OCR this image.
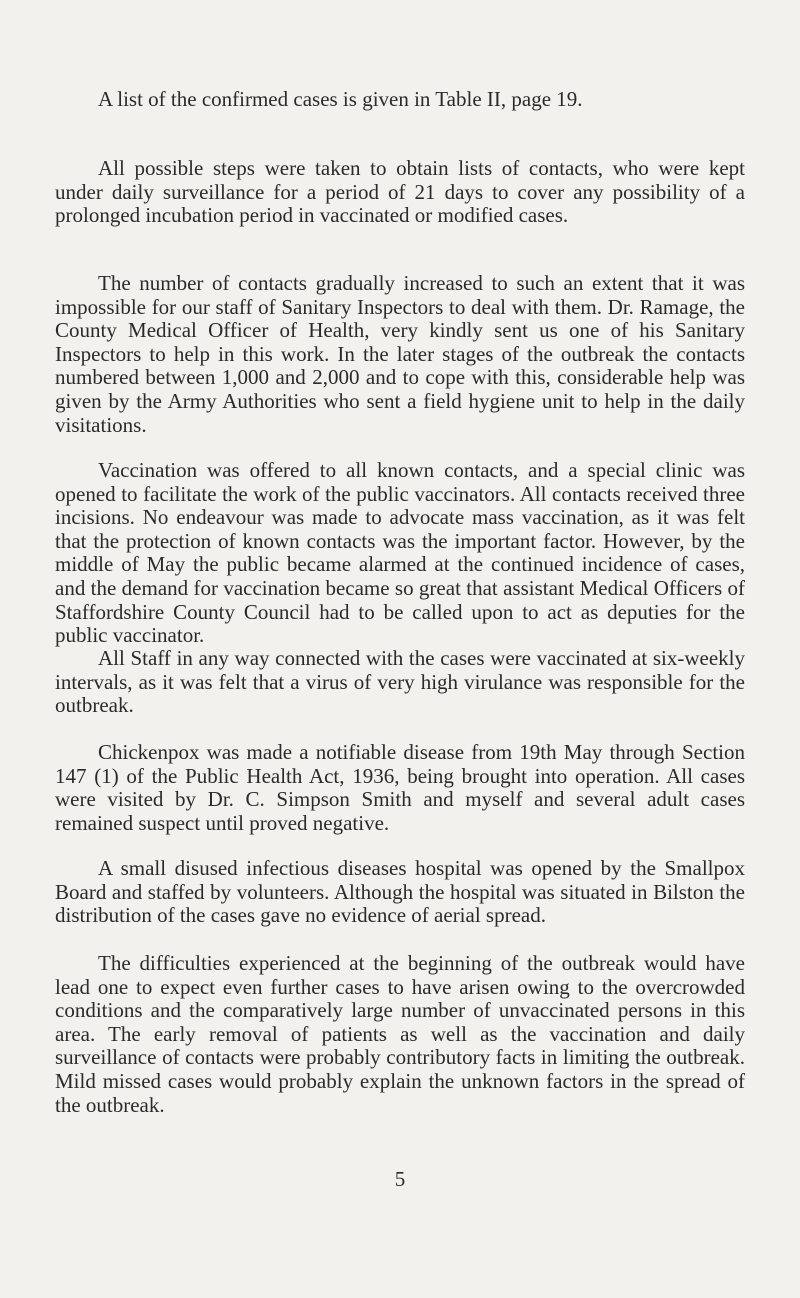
A list of the confirmed cases is given in Table II, page 19.

All possible steps were taken to obtain lists of contacts, who were kept under daily surveillance for a period of 21 days to cover any possibility of a prolonged incubation period in vaccinated or modified cases.

The number of contacts gradually increased to such an extent that it was impossible for our staff of Sanitary Inspectors to deal with them. Dr. Ramage, the County Medical Officer of Health, very kindly sent us one of his Sanitary Inspectors to help in this work. In the later stages of the outbreak the contacts numbered between 1,000 and 2,000 and to cope with this, considerable help was given by the Army Authorities who sent a field hygiene unit to help in the daily visitations.

Vaccination was offered to all known contacts, and a special clinic was opened to facilitate the work of the public vaccinators. All contacts received three incisions. No endeavour was made to advocate mass vaccination, as it was felt that the protection of known contacts was the important factor. However, by the middle of May the public became alarmed at the continued incidence of cases, and the demand for vaccination became so great that assistant Medical Officers of Staffordshire County Council had to be called upon to act as deputies for the public vaccinator.

All Staff in any way connected with the cases were vaccinated at six-weekly intervals, as it was felt that a virus of very high virulance was responsible for the outbreak.

Chickenpox was made a notifiable disease from 19th May through Section 147 (1) of the Public Health Act, 1936, being brought into operation. All cases were visited by Dr. C. Simpson Smith and myself and several adult cases remained suspect until proved negative.

A small disused infectious diseases hospital was opened by the Smallpox Board and staffed by volunteers. Although the hospital was situated in Bilston the distribution of the cases gave no evidence of aerial spread.

The difficulties experienced at the beginning of the outbreak would have lead one to expect even further cases to have arisen owing to the overcrowded conditions and the comparatively large number of unvaccinated persons in this area. The early removal of patients as well as the vaccination and daily surveillance of contacts were probably contributory facts in limiting the outbreak. Mild missed cases would probably explain the unknown factors in the spread of the outbreak.

5
